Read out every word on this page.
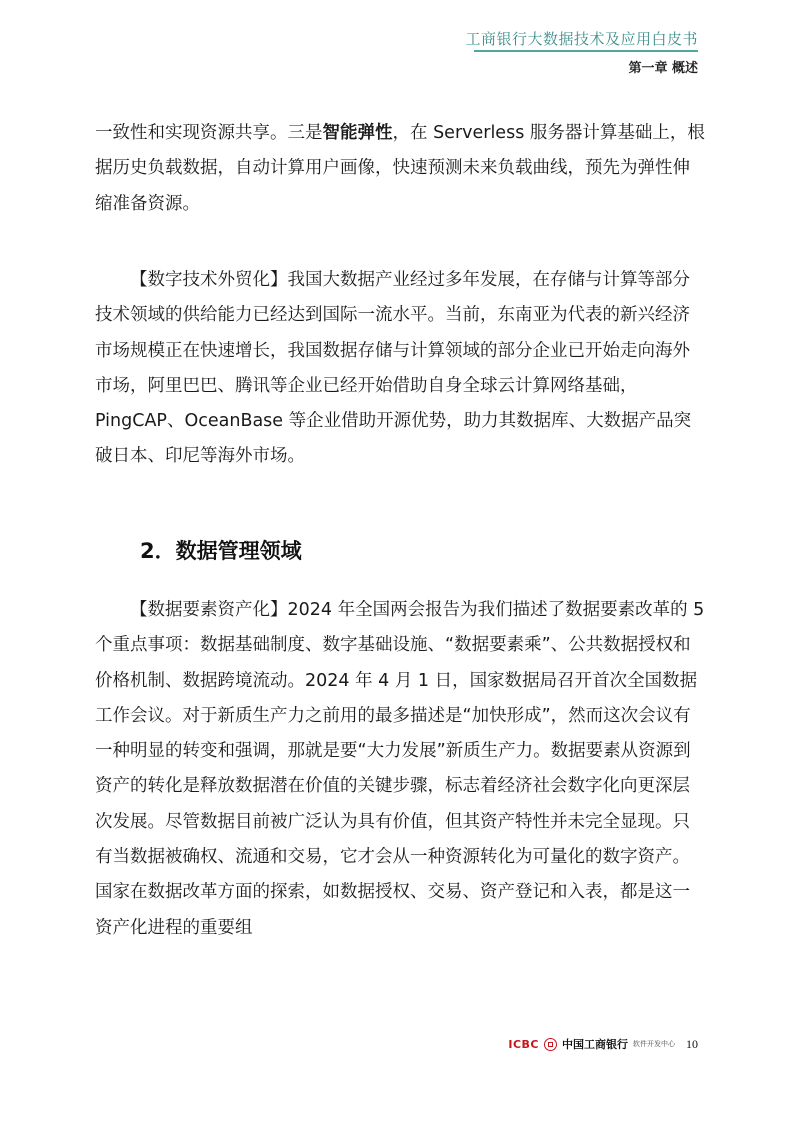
工商银行大数据技术及应用白皮书
第一章 概述

一致性和实现资源共享。三是智能弹性，在 Serverless 服务器计算基础上，根据历史负载数据，自动计算用户画像，快速预测未来负载曲线，预先为弹性伸缩准备资源。

【数字技术外贸化】我国大数据产业经过多年发展，在存储与计算等部分技术领域的供给能力已经达到国际一流水平。当前，东南亚为代表的新兴经济市场规模正在快速增长，我国数据存储与计算领域的部分企业已开始走向海外市场，阿里巴巴、腾讯等企业已经开始借助自身全球云计算网络基础，PingCAP、OceanBase 等企业借助开源优势，助力其数据库、大数据产品突破日本、印尼等海外市场。

2．数据管理领域

【数据要素资产化】2024 年全国两会报告为我们描述了数据要素改革的 5 个重点事项：数据基础制度、数字基础设施、“数据要素乘”、公共数据授权和价格机制、数据跨境流动。2024 年 4 月 1 日，国家数据局召开首次全国数据工作会议。对于新质生产力之前用的最多描述是“加快形成”，然而这次会议有一种明显的转变和强调，那就是要“大力发展”新质生产力。数据要素从资源到资产的转化是释放数据潜在价值的关键步骤，标志着经济社会数字化向更深层次发展。尽管数据目前被广泛认为具有价值，但其资产特性并未完全显现。只有当数据被确权、流通和交易，它才会从一种资源转化为可量化的数字资产。国家在数据改革方面的探索，如数据授权、交易、资产登记和入表，都是这一资产化进程的重要组

ICBC 中国工商银行 软件开发中心 10
